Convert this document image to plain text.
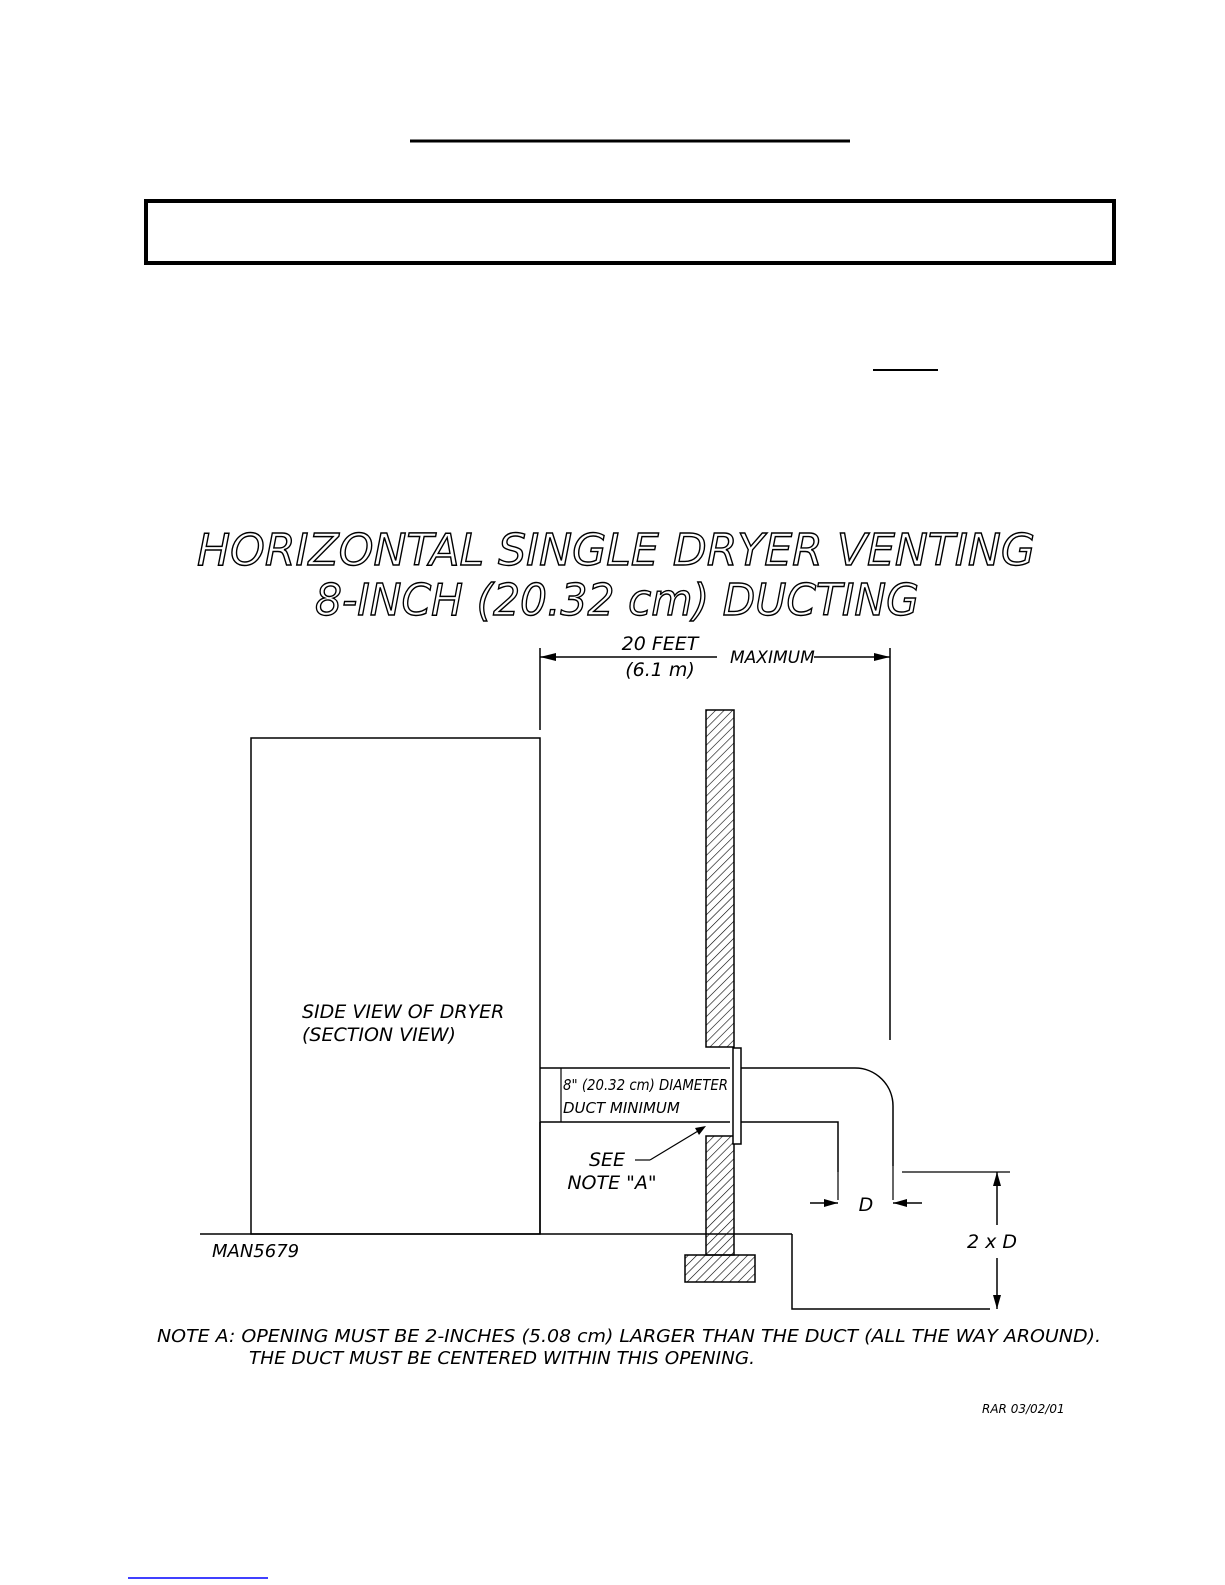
HORIZONTAL SINGLE DRYER VENTING
8-INCH (20.32 cm) DUCTING
20 FEET
(6.1 m)
MAXIMUM
SIDE VIEW OF DRYER
(SECTION VIEW)
8" (20.32 cm) DIAMETER
DUCT MINIMUM
D
2 x D
SEE
NOTE "A"
MAN5679
NOTE A: OPENING MUST BE 2-INCHES (5.08 cm) LARGER THAN THE DUCT (ALL THE WAY AROUND).
THE DUCT MUST BE CENTERED WITHIN THIS OPENING.
RAR 03/02/01
